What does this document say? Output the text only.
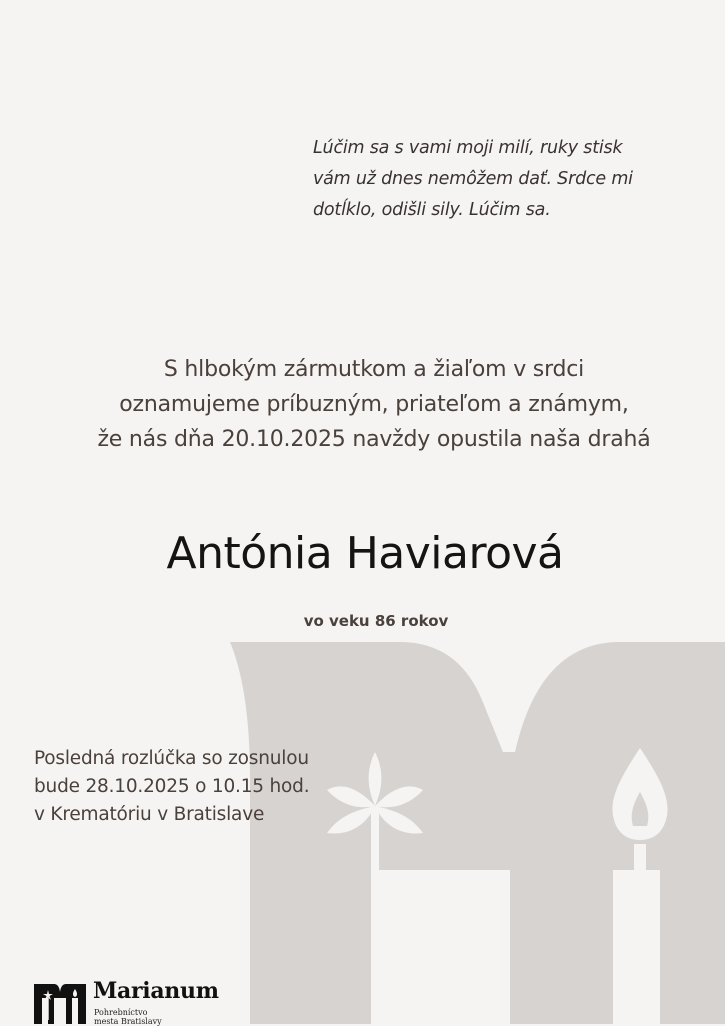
Lúčim sa s vami moji milí, ruky stisk
vám už dnes nemôžem dať. Srdce mi
dotĺklo, odišli sily. Lúčim sa.
S hlbokým zármutkom a žiaľom v srdci
oznamujeme príbuzným, priateľom a známym,
že nás dňa 20.10.2025 navždy opustila naša drahá
Antónia Haviarová
vo veku 86 rokov
Posledná rozlúčka so zosnulou
bude 28.10.2025 o 10.15 hod.
v Krematóriu v Bratislave
Marianum
Pohrebníctvo
mesta Bratislavy
